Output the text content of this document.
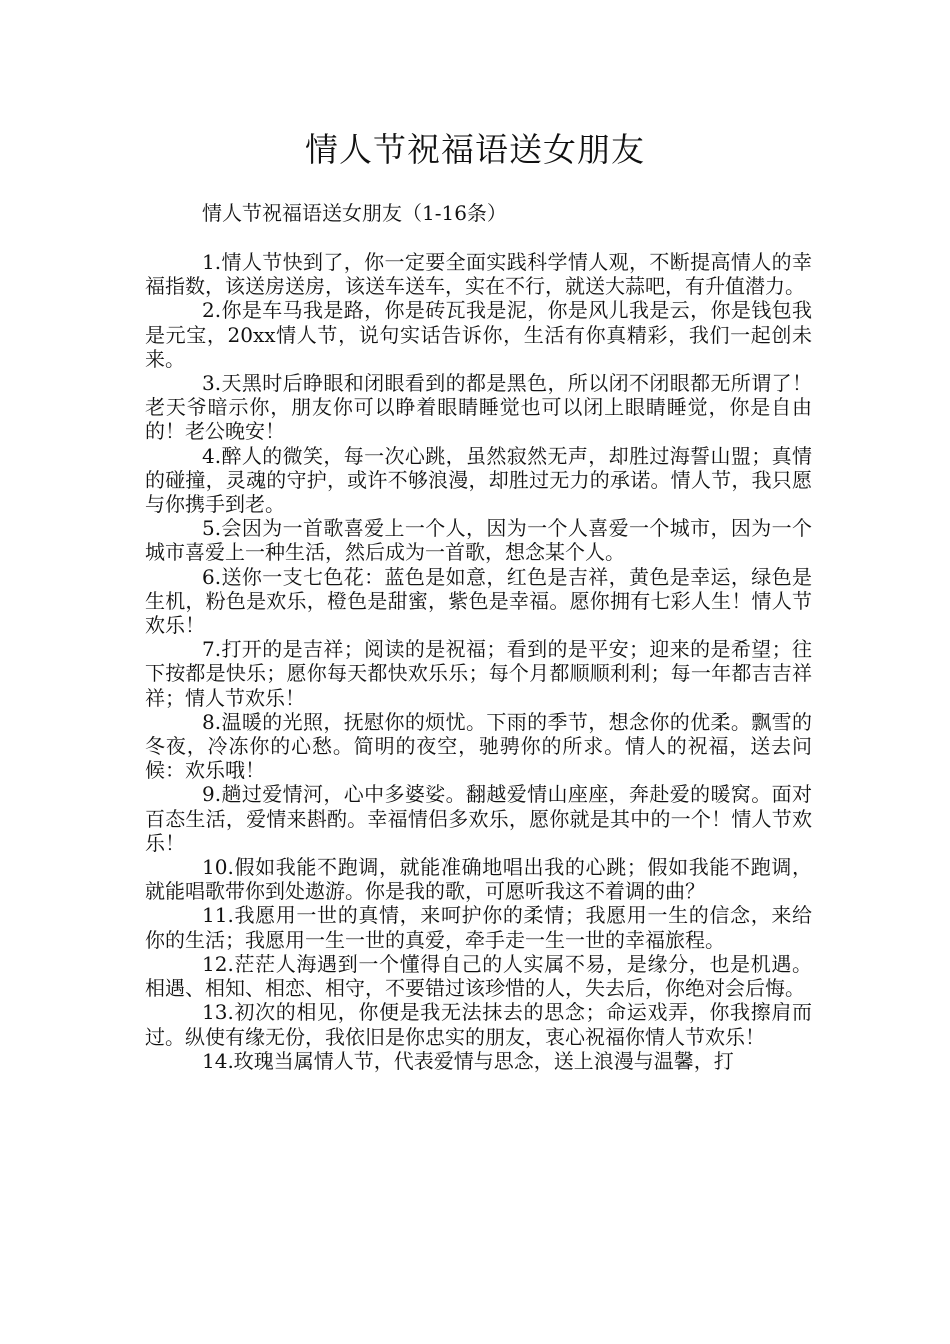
情人节祝福语送女朋友

情人节祝福语送女朋友（1-16条）

1.情人节快到了，你一定要全面实践科学情人观，不断提高情人的幸福指数，该送房送房，该送车送车，实在不行，就送大蒜吧，有升值潜力。

2.你是车马我是路，你是砖瓦我是泥，你是风儿我是云，你是钱包我是元宝，20xx情人节，说句实话告诉你，生活有你真精彩，我们一起创未来。

3.天黑时后睁眼和闭眼看到的都是黑色，所以闭不闭眼都无所谓了！老天爷暗示你，朋友你可以睁着眼睛睡觉也可以闭上眼睛睡觉，你是自由的！老公晚安！

4.醉人的微笑，每一次心跳，虽然寂然无声，却胜过海誓山盟；真情的碰撞，灵魂的守护，或许不够浪漫，却胜过无力的承诺。情人节，我只愿与你携手到老。

5.会因为一首歌喜爱上一个人，因为一个人喜爱一个城市，因为一个城市喜爱上一种生活，然后成为一首歌，想念某个人。

6.送你一支七色花：蓝色是如意，红色是吉祥，黄色是幸运，绿色是生机，粉色是欢乐，橙色是甜蜜，紫色是幸福。愿你拥有七彩人生！情人节欢乐！

7.打开的是吉祥；阅读的是祝福；看到的是平安；迎来的是希望；往下按都是快乐；愿你每天都快欢乐乐；每个月都顺顺利利；每一年都吉吉祥祥；情人节欢乐！

8.温暖的光照，抚慰你的烦忧。下雨的季节，想念你的优柔。飘雪的冬夜，冷冻你的心愁。简明的夜空，驰骋你的所求。情人的祝福，送去问候：欢乐哦！

9.趟过爱情河，心中多婆娑。翻越爱情山座座，奔赴爱的暖窝。面对百态生活，爱情来斟酌。幸福情侣多欢乐，愿你就是其中的一个！情人节欢乐！

10.假如我能不跑调，就能准确地唱出我的心跳；假如我能不跑调，就能唱歌带你到处遨游。你是我的歌，可愿听我这不着调的曲？

11.我愿用一世的真情，来呵护你的柔情；我愿用一生的信念，来给你的生活；我愿用一生一世的真爱，牵手走一生一世的幸福旅程。

12.茫茫人海遇到一个懂得自己的人实属不易，是缘分，也是机遇。相遇、相知、相恋、相守，不要错过该珍惜的人，失去后，你绝对会后悔。

13.初次的相见，你便是我无法抹去的思念；命运戏弄，你我擦肩而过。纵使有缘无份，我依旧是你忠实的朋友，衷心祝福你情人节欢乐！

14.玫瑰当属情人节，代表爱情与思念，送上浪漫与温馨，打
